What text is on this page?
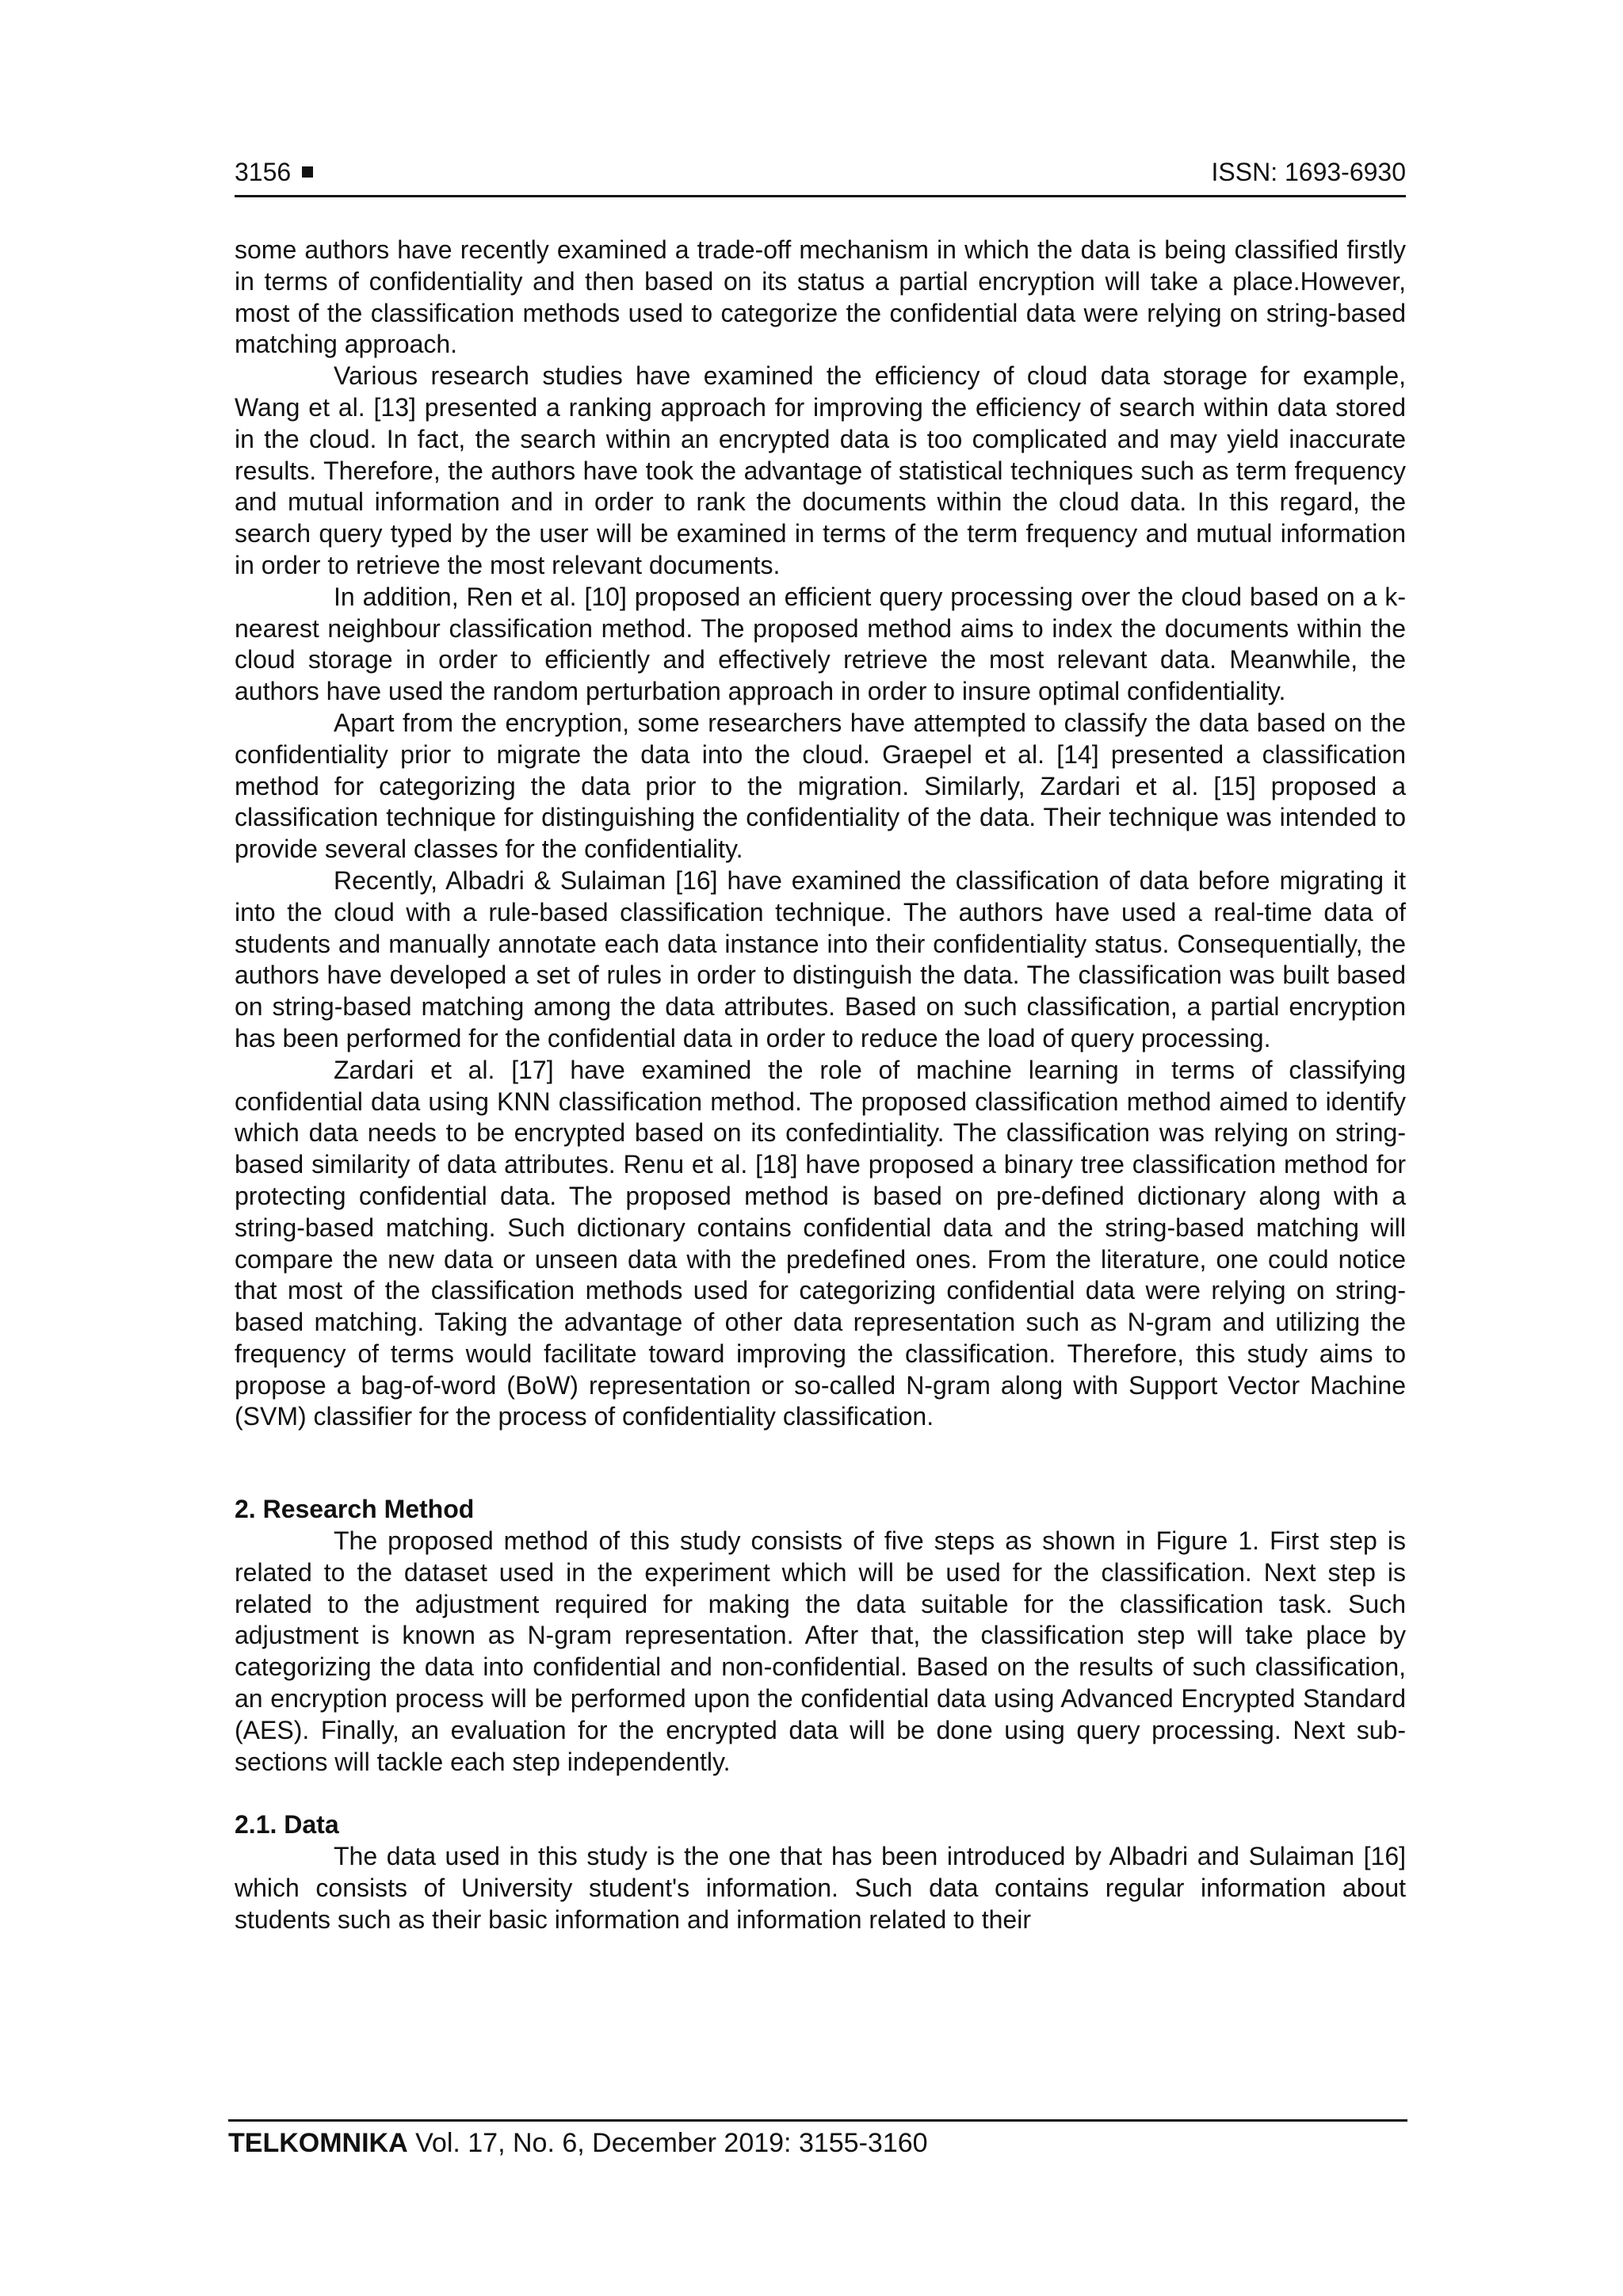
3156	ISSN: 1693-6930

some authors have recently examined a trade-off mechanism in which the data is being classified firstly in terms of confidentiality and then based on its status a partial encryption will take a place.However, most of the classification methods used to categorize the confidential data were relying on string-based matching approach.

Various research studies have examined the efficiency of cloud data storage for example, Wang et al. [13] presented a ranking approach for improving the efficiency of search within data stored in the cloud. In fact, the search within an encrypted data is too complicated and may yield inaccurate results. Therefore, the authors have took the advantage of statistical techniques such as term frequency and mutual information and in order to rank the documents within the cloud data. In this regard, the search query typed by the user will be examined in terms of the term frequency and mutual information in order to retrieve the most relevant documents.

In addition, Ren et al. [10] proposed an efficient query processing over the cloud based on a k-nearest neighbour classification method. The proposed method aims to index the documents within the cloud storage in order to efficiently and effectively retrieve the most relevant data. Meanwhile, the authors have used the random perturbation approach in order to insure optimal confidentiality.

Apart from the encryption, some researchers have attempted to classify the data based on the confidentiality prior to migrate the data into the cloud. Graepel et al. [14] presented a classification method for categorizing the data prior to the migration. Similarly, Zardari et al. [15] proposed a classification technique for distinguishing the confidentiality of the data. Their technique was intended to provide several classes for the confidentiality.

Recently, Albadri & Sulaiman [16] have examined the classification of data before migrating it into the cloud with a rule-based classification technique. The authors have used a real-time data of students and manually annotate each data instance into their confidentiality status. Consequentially, the authors have developed a set of rules in order to distinguish the data. The classification was built based on string-based matching among the data attributes. Based on such classification, a partial encryption has been performed for the confidential data in order to reduce the load of query processing.

Zardari et al. [17] have examined the role of machine learning in terms of classifying confidential data using KNN classification method. The proposed classification method aimed to identify which data needs to be encrypted based on its confedintiality. The classification was relying on string-based similarity of data attributes. Renu et al. [18] have proposed a binary tree classification method for protecting confidential data. The proposed method is based on pre-defined dictionary along with a string-based matching. Such dictionary contains confidential data and the string-based matching will compare the new data or unseen data with the predefined ones. From the literature, one could notice that most of the classification methods used for categorizing confidential data were relying on string-based matching. Taking the advantage of other data representation such as N-gram and utilizing the frequency of terms would facilitate toward improving the classification. Therefore, this study aims to propose a bag-of-word (BoW) representation or so-called N-gram along with Support Vector Machine (SVM) classifier for the process of confidentiality classification.

2. Research Method

The proposed method of this study consists of five steps as shown in Figure 1. First step is related to the dataset used in the experiment which will be used for the classification. Next step is related to the adjustment required for making the data suitable for the classification task. Such adjustment is known as N-gram representation. After that, the classification step will take place by categorizing the data into confidential and non-confidential. Based on the results of such classification, an encryption process will be performed upon the confidential data using Advanced Encrypted Standard (AES). Finally, an evaluation for the encrypted data will be done using query processing. Next sub-sections will tackle each step independently.

2.1. Data

The data used in this study is the one that has been introduced by Albadri and Sulaiman [16] which consists of University student's information. Such data contains regular information about students such as their basic information and information related to their

TELKOMNIKA Vol. 17, No. 6, December 2019: 3155-3160
